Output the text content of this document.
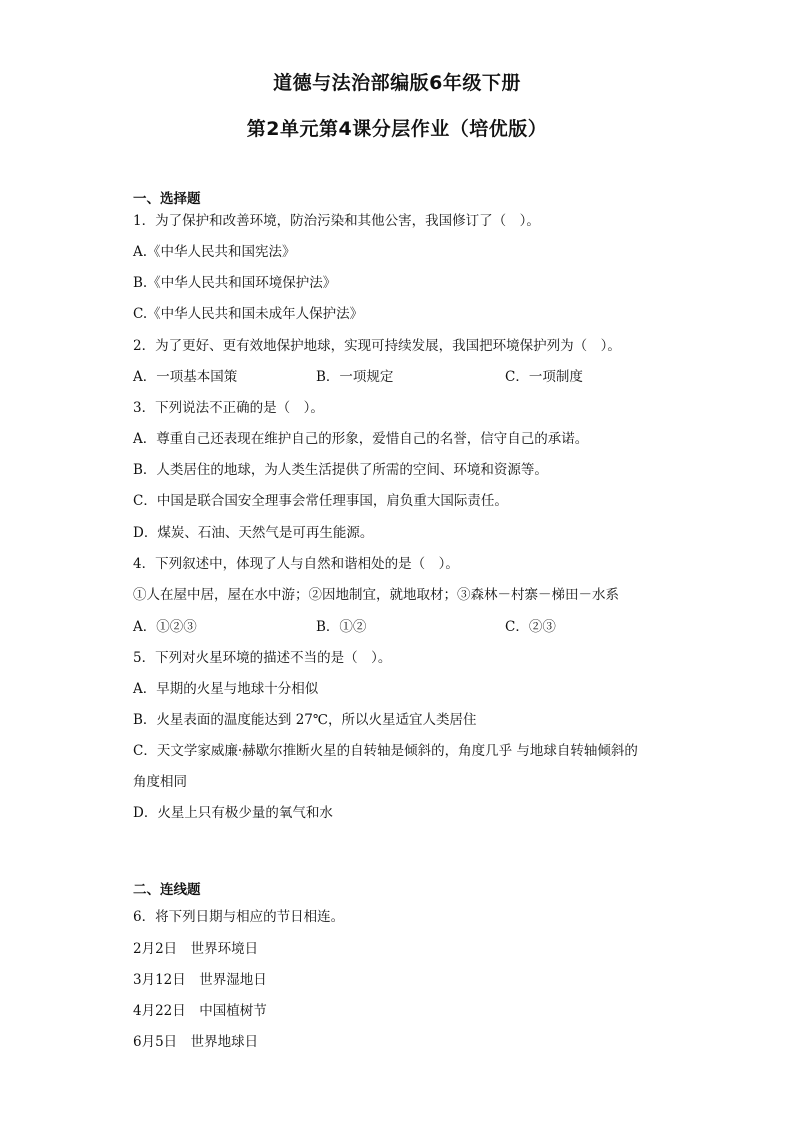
道德与法治部编版6年级下册
第2单元第4课分层作业（培优版）
一、选择题
1．为了保护和改善环境，防治污染和其他公害，我国修订了（　）。
A.《中华人民共和国宪法》
B.《中华人民共和国环境保护法》
C.《中华人民共和国未成年人保护法》
2．为了更好、更有效地保护地球，实现可持续发展，我国把环境保护列为（　）。
A．一项基本国策	B．一项规定	C．一项制度
3．下列说法不正确的是（　）。
A．尊重自己还表现在维护自己的形象，爱惜自己的名誉，信守自己的承诺。
B．人类居住的地球，为人类生活提供了所需的空间、环境和资源等。
C．中国是联合国安全理事会常任理事国，肩负重大国际责任。
D．煤炭、石油、天然气是可再生能源。
4．下列叙述中，体现了人与自然和谐相处的是（　）。
①人在屋中居，屋在水中游；②因地制宜，就地取材；③森林－村寨－梯田－水系
A．①②③	B．①②	C．②③
5．下列对火星环境的描述不当的是（　）。
A．早期的火星与地球十分相似
B．火星表面的温度能达到 27℃，所以火星适宜人类居住
C．天文学家威廉·赫歇尔推断火星的自转轴是倾斜的，角度几乎 与地球自转轴倾斜的
角度相同
D．火星上只有极少量的氧气和水
二、连线题
6．将下列日期与相应的节日相连。
2月2日　世界环境日
3月12日　世界湿地日
4月22日　中国植树节
6月5日　世界地球日
